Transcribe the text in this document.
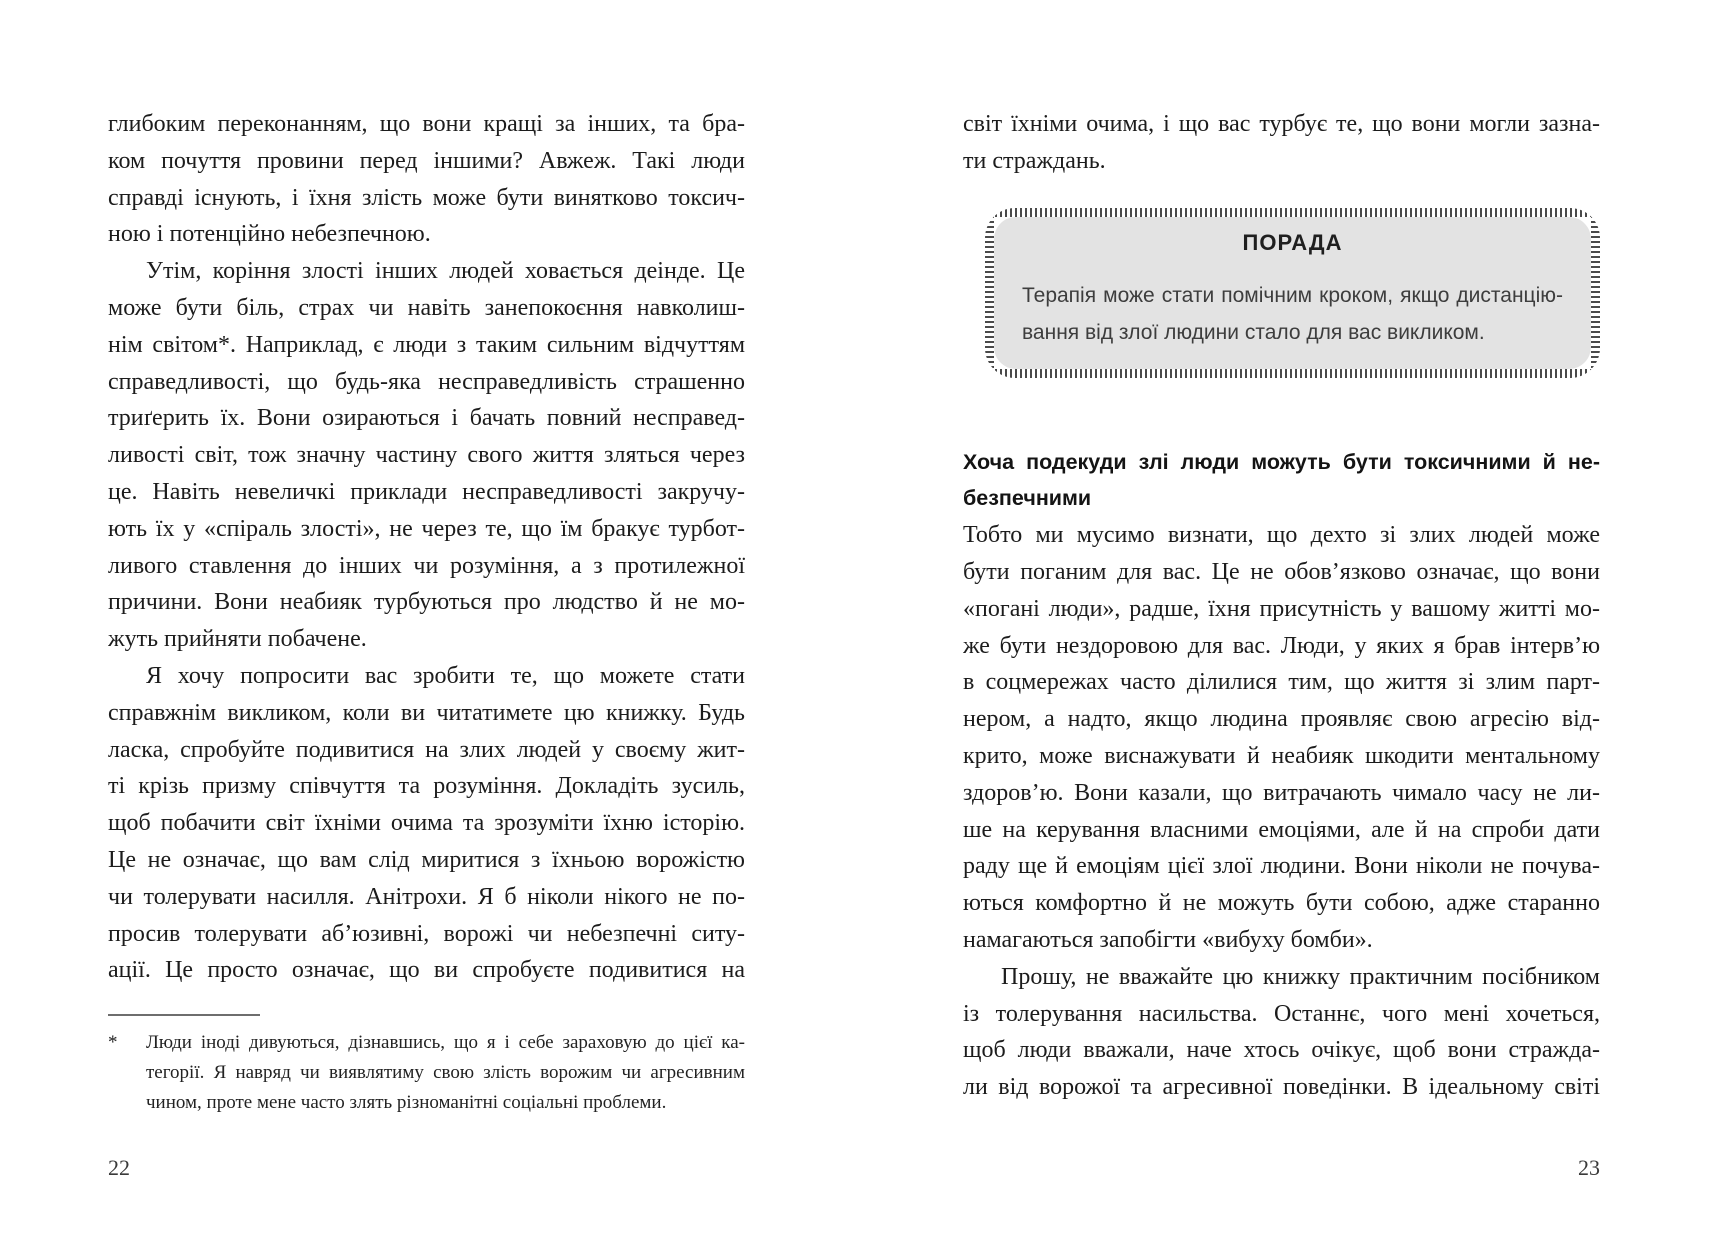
глибоким переконанням, що вони кращі за інших, та бра-
ком почуття провини перед іншими? Авжеж. Такі люди
справді існують, і їхня злість може бути винятково токсич-
ною і потенційно небезпечною.
Утім, коріння злості інших людей ховається деінде. Це
може бути біль, страх чи навіть занепокоєння навколиш-
нім світом*. Наприклад, є люди з таким сильним відчуттям
справедливості, що будь-яка несправедливість страшенно
триґерить їх. Вони озираються і бачать повний несправед-
ливості світ, тож значну частину свого життя зляться через
це. Навіть невеличкі приклади несправедливості закручу-
ють їх у «спіраль злості», не через те, що їм бракує турбот-
ливого ставлення до інших чи розуміння, а з протилежної
причини. Вони неабияк турбуються про людство й не мо-
жуть прийняти побачене.
Я хочу попросити вас зробити те, що можете стати
справжнім викликом, коли ви читатимете цю книжку. Будь
ласка, спробуйте подивитися на злих людей у своєму жит-
ті крізь призму співчуття та розуміння. Докладіть зусиль,
щоб побачити світ їхніми очима та зрозуміти їхню історію.
Це не означає, що вам слід миритися з їхньою ворожістю
чи толерувати насилля. Анітрохи. Я б ніколи нікого не по-
просив толерувати аб’юзивні, ворожі чи небезпечні ситу-
ації. Це просто означає, що ви спробуєте подивитися на
*	Люди іноді дивуються, дізнавшись, що я і себе зараховую до цієї ка-
тегорії. Я навряд чи виявлятиму свою злість ворожим чи агресивним
чином, проте мене часто злять різноманітні соціальні проблеми.
22
світ їхніми очима, і що вас турбує те, що вони могли зазна-
ти страждань.
ПОРАДА
Терапія може стати помічним кроком, якщо дистанцію-
вання від злої людини стало для вас викликом.
Хоча подекуди злі люди можуть бути токсичними й не-
безпечними
Тобто ми мусимо визнати, що дехто зі злих людей може
бути поганим для вас. Це не обов’язково означає, що вони
«погані люди», радше, їхня присутність у вашому житті мо-
же бути нездоровою для вас. Люди, у яких я брав інтерв’ю
в соцмережах часто ділилися тим, що життя зі злим парт-
нером, а надто, якщо людина проявляє свою агресію від-
крито, може виснажувати й неабияк шкодити ментальному
здоров’ю. Вони казали, що витрачають чимало часу не ли-
ше на керування власними емоціями, але й на спроби дати
раду ще й емоціям цієї злої людини. Вони ніколи не почува-
ються комфортно й не можуть бути собою, адже старанно
намагаються запобігти «вибуху бомби».
Прошу, не вважайте цю книжку практичним посібником
із толерування насильства. Останнє, чого мені хочеться,
щоб люди вважали, наче хтось очікує, щоб вони стражда-
ли від ворожої та агресивної поведінки. В ідеальному світі
23
